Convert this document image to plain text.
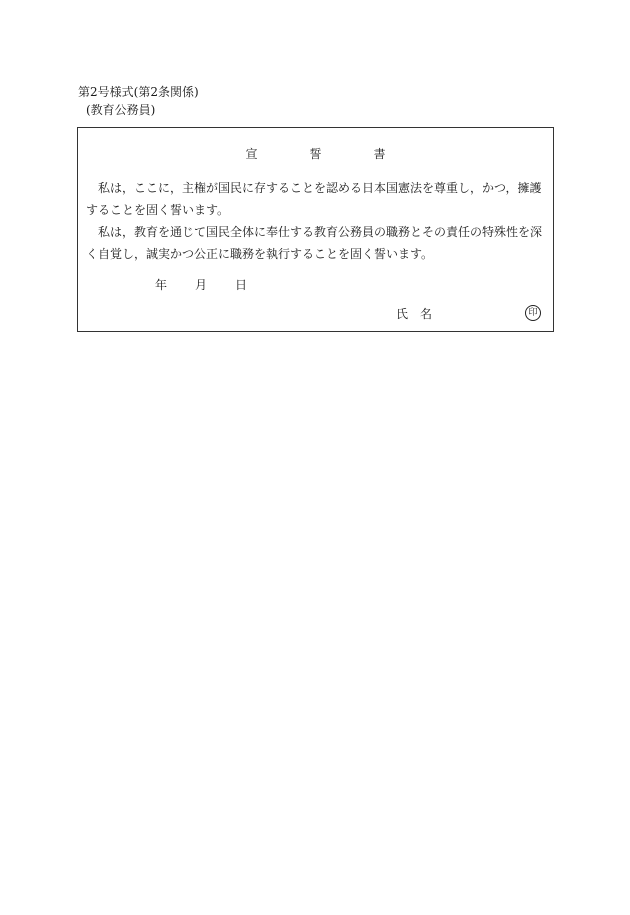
第2号様式(第2条関係)
(教育公務員)
宣誓書
私は，ここに，主権が国民に存することを認める日本国憲法を尊重し，かつ，擁護することを固く誓います。
私は，教育を通じて国民全体に奉仕する教育公務員の職務とその責任の特殊性を深く自覚し，誠実かつ公正に職務を執行することを固く誓います。
年 月 日
氏名	印
